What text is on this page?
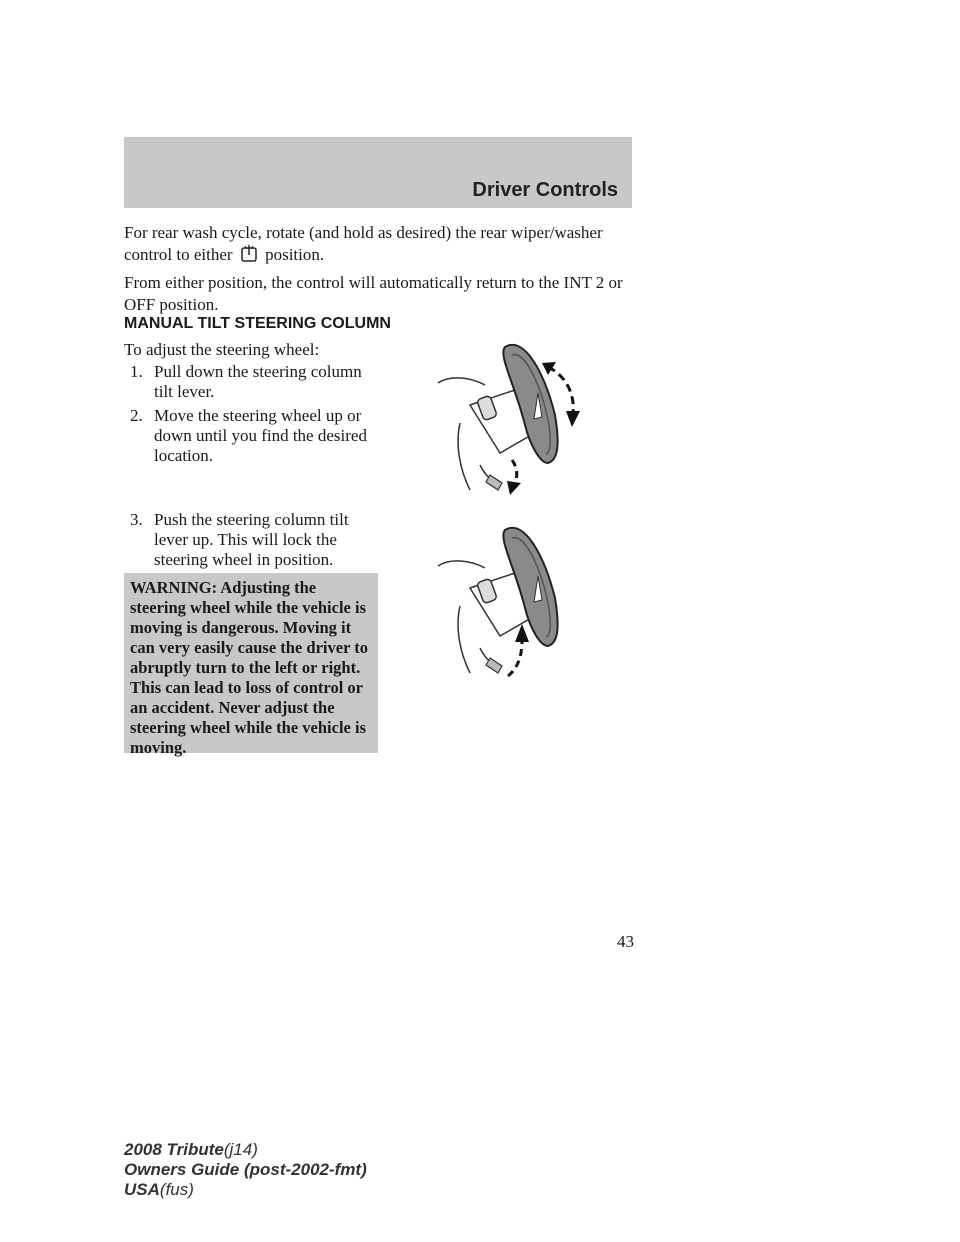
Driver Controls

For rear wash cycle, rotate (and hold as desired) the rear wiper/washer
control to either position.

From either position, the control will automatically return to the INT 2 or OFF position.

MANUAL TILT STEERING COLUMN

To adjust the steering wheel:

1. Pull down the steering column tilt lever.
2. Move the steering wheel up or down until you find the desired location.
3. Push the steering column tilt lever up. This will lock the steering wheel in position.

WARNING: Adjusting the steering wheel while the vehicle is moving is dangerous. Moving it can very easily cause the driver to abruptly turn to the left or right. This can lead to loss of control or an accident. Never adjust the steering wheel while the vehicle is moving.

43
2008 Tribute(j14)
Owners Guide (post-2002-fmt)
USA(fus)
